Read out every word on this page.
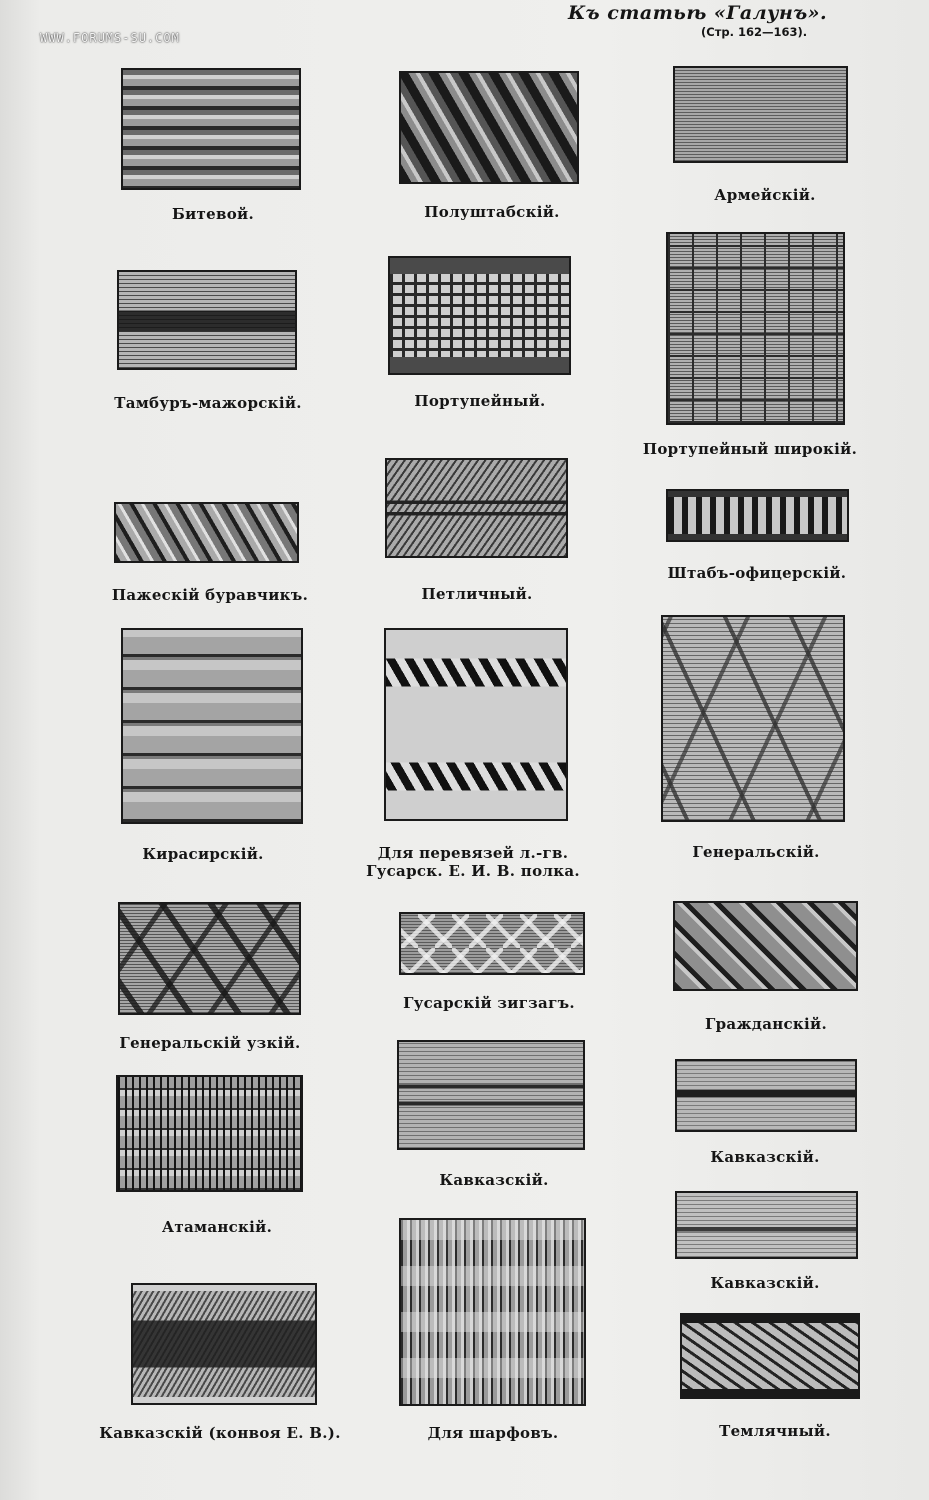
WWW.FORUMS-SU.COM
Къ статьѣ «Галунъ».
(Стр. 162—163).
Битевой.	Полуштабскій.
Армейскій.
Тамбуръ-мажорскій.	Портупейный.
Портупейный широкій.
Пажескій буравчикъ.	Петличный.
Штабъ-офицерскій.
Кирасирскій.	Для перевязей л.-гв.
Гусарск. Е. И. В. полка.
Генеральскій.
Генеральскій узкій.
Гусарскій зигзагъ.
Гражданскій.
Кавказскій.
Атаманскій.
Кавказскій.
Кавказскій.
Кавказскій (конвоя Е. В.).	Для шарфовъ.	Темлячный.
